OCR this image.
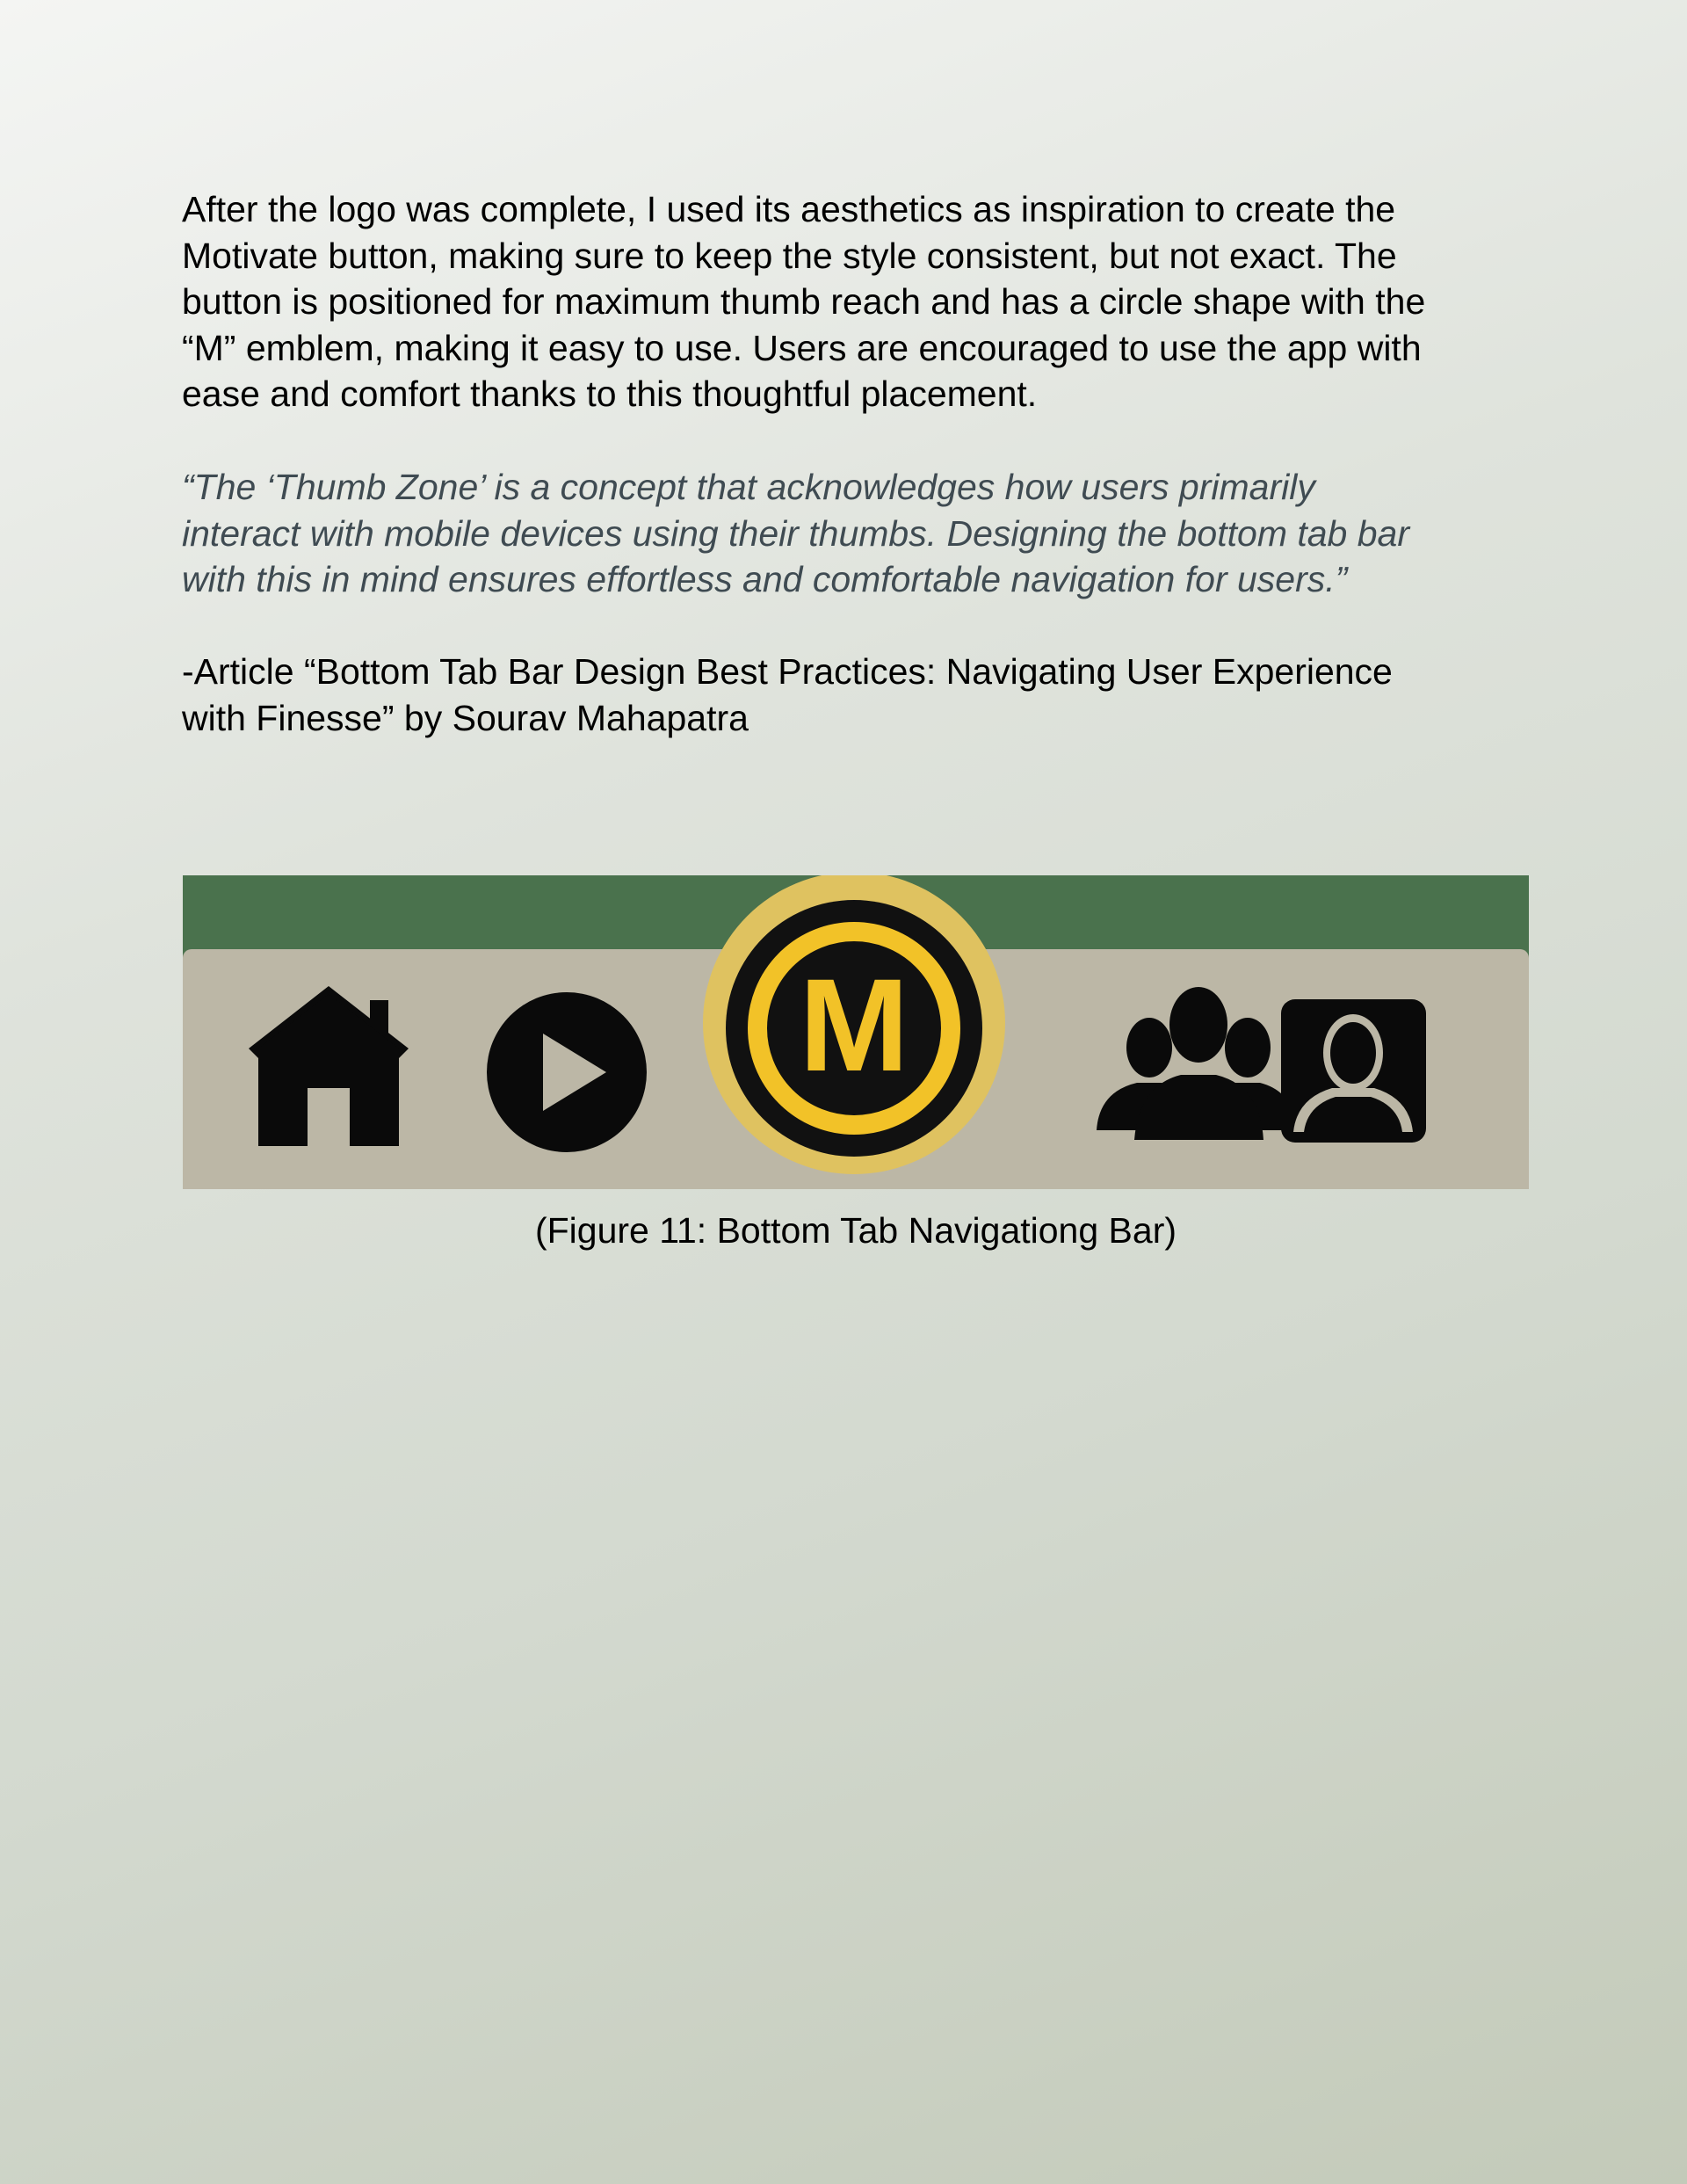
After the logo was complete, I used its aesthetics as inspiration to create the
Motivate button, making sure to keep the style consistent, but not exact. The
button is positioned for maximum thumb reach and has a circle shape with the
“M” emblem, making it easy to use. Users are encouraged to use the app with
ease and comfort thanks to this thoughtful placement.

“The ‘Thumb Zone’ is a concept that acknowledges how users primarily
interact with mobile devices using their thumbs. Designing the bottom tab bar
with this in mind ensures effortless and comfortable navigation for users.”

-Article “Bottom Tab Bar Design Best Practices: Navigating User Experience
with Finesse” by Sourav Mahapatra

M

(Figure 11: Bottom Tab Navigationg Bar)
